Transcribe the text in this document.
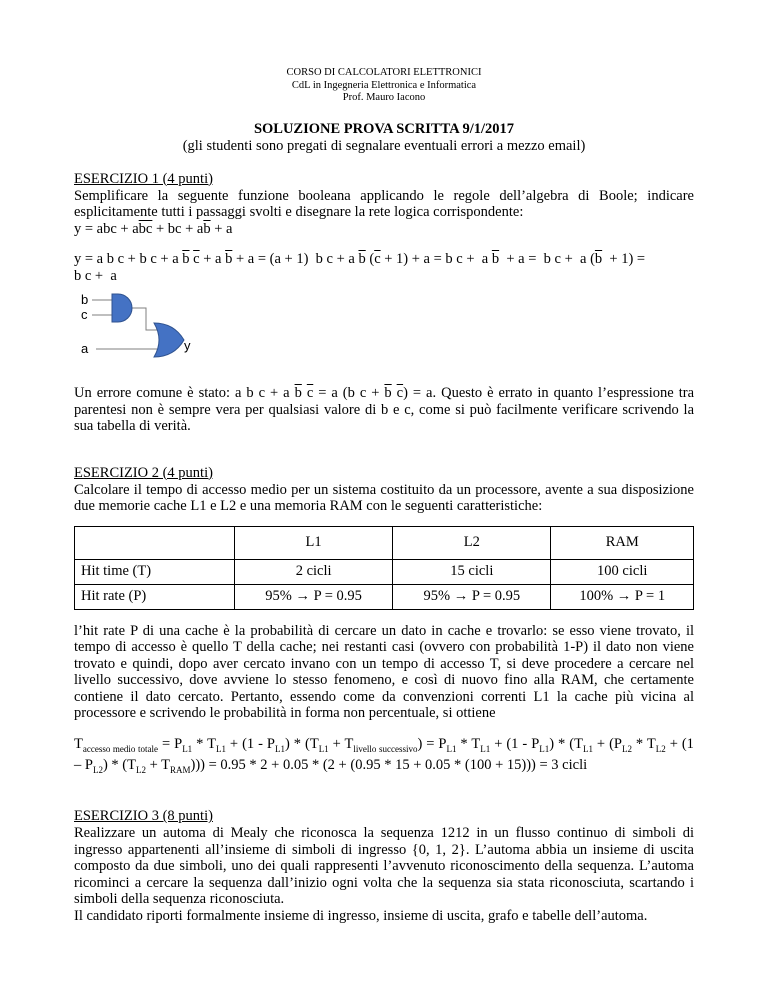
CORSO DI CALCOLATORI ELETTRONICI
CdL in Ingegneria Elettronica e Informatica
Prof. Mauro Iacono
SOLUZIONE PROVA SCRITTA 9/1/2017
(gli studenti sono pregati di segnalare eventuali errori a mezzo email)
ESERCIZIO 1 (4 punti)

Semplificare la seguente funzione booleana applicando le regole dell’algebra di Boole; indicare esplicitamente tutti i passaggi svolti e disegnare la rete logica corrispondente:

y = abc + $a\overline{bc}$ + bc + $a\overline{b} + a$

y = a b c + b c + a $\overline{b}$ $\overline{c} + a$ $\overline{b} + a = (a + 1)$  b c + a $\overline{b}$ $(\overline{c} + 1) + a = b$ c +  a $\overline{b} + a = b$ c +  a $(\overline{b} + 1)$ =
b c +  a

b
c
a	y

Un errore comune è stato: a b c + a $\overline{b}$ $\overline{c} = a$ (b $c + \overline{b}$ $\overline{c}) = a$. Questo è errato in quanto l’espressione tra parentesi non è sempre vera per qualsiasi valore di b e c, come si può facilmente verificare scrivendo la sua tabella di verità.

ESERCIZIO 2 (4 punti)

Calcolare il tempo di accesso medio per un sistema costituito da un processore, avente a sua disposizione due memorie cache L1 e L2 e una memoria RAM con le seguenti caratteristiche:

	L1	L2	RAM
Hit time (T)	2 cicli	15 cicli	100 cicli
Hit rate (P)	95% → P = 0.95	95% → P = 0.95	100% → P = 1

l’hit rate P di una cache è la probabilità di cercare un dato in cache e trovarlo: se esso viene trovato, il tempo di accesso è quello T della cache; nei restanti casi (ovvero con probabilità 1-P) il dato non viene trovato e quindi, dopo aver cercato invano con un tempo di accesso T, si deve procedere a cercare nel livello successivo, dove avviene lo stesso fenomeno, e così di nuovo fino alla RAM, che certamente contiene il dato cercato. Pertanto, essendo come da convenzioni correnti L1 la cache più vicina al processore e scrivendo le probabilità in forma non percentuale, si ottiene

$T_{accesso medio totale} = P_{L1} * T_{L1} + (1 - P_{L1}) * (T_{L1} + T_{livello successivo}) = P_{L1} * T_{L1} + (1 - P_{L1}) * (T_{L1} + (P_{L2} * T_{L2} + (1 - P_{L2}) * (T_{L2} + T_{RAM}))) = 0.95 * 2 + 0.05 * (2 + (0.95 * 15 + 0.05 * (100 + 15))) = 3$ cicli

ESERCIZIO 3 (8 punti)

Realizzare un automa di Mealy che riconosca la sequenza 1212 in un flusso continuo di simboli di ingresso appartenenti all’insieme di simboli di ingresso {0, 1, 2}. L’automa abbia un insieme di uscita composto da due simboli, uno dei quali rappresenti l’avvenuto riconoscimento della sequenza. L’automa ricominci a cercare la sequenza dall’inizio ogni volta che la sequenza sia stata riconosciuta, scartando i simboli della sequenza riconosciuta.

Il candidato riporti formalmente insieme di ingresso, insieme di uscita, grafo e tabelle dell’automa.
